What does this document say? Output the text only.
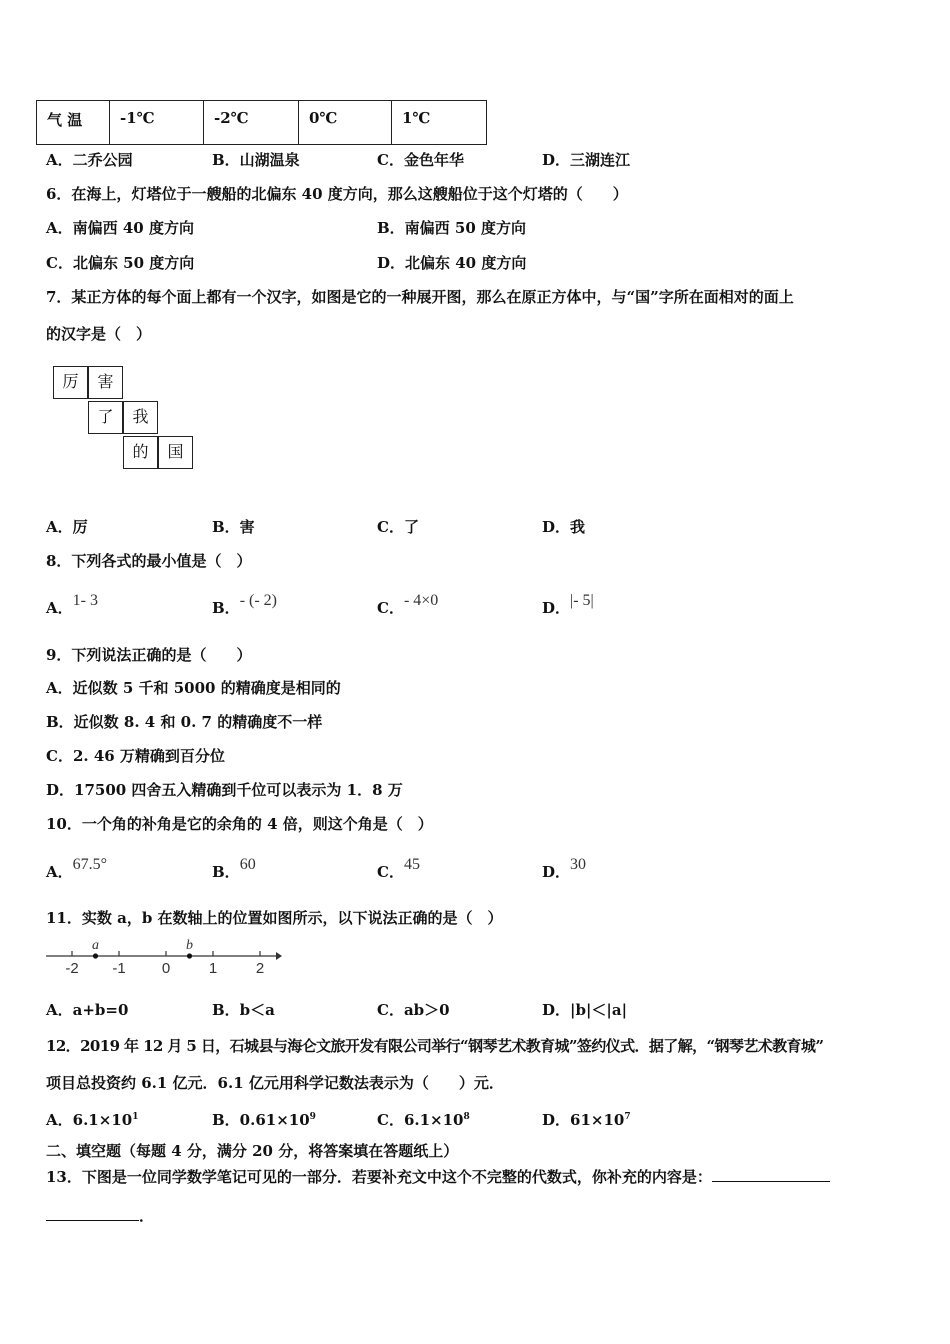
气 温	-1℃	-2℃	0℃	1℃
A．二乔公园	B．山湖温泉	C．金色年华	D．三湖连江
6．在海上，灯塔位于一艘船的北偏东 40 度方向，那么这艘船位于这个灯塔的（　　）
A．南偏西 40 度方向	B．南偏西 50 度方向
C．北偏东 50 度方向	D．北偏东 40 度方向
7．某正方体的每个面上都有一个汉字，如图是它的一种展开图，那么在原正方体中，与“国”字所在面相对的面上
的汉字是（　）
厉	害
了	我
的	国
A．厉	B．害	C．了	D．我
8．下列各式的最小值是（　）
A．1- 3	B．- (- 2)	C．- 4×0	D．|- 5|
9．下列说法正确的是（　　）
A．近似数 5 千和 5000 的精确度是相同的
B．近似数 8. 4 和 0. 7 的精确度不一样
C．2. 46 万精确到百分位
D．17500 四舍五入精确到千位可以表示为 1．8 万
10．一个角的补角是它的余角的 4 倍，则这个角是（　）
A．67.5°	B．60	C．45	D．30
11．实数 a，b 在数轴上的位置如图所示，以下说法正确的是（　）
-2 -1 0	1	2
a	b
A．a+b=0	B．b＜a	C．ab＞0	D．|b|＜|a|
12．2019 年 12 月 5 日，石城县与海仑文旅开发有限公司举行“钢琴艺术教育城”签约仪式．据了解，“钢琴艺术教育城”
项目总投资约 6.1 亿元．6.1 亿元用科学记数法表示为（　　）元．
A．$6.1\times 10^1$	B．$0.61\times 10^9$	C．$6.1\times 10^8$	D．$61\times 10^7$
二、填空题（每题 4 分，满分 20 分，将答案填在答题纸上）
13．下图是一位同学数学笔记可见的一部分．若要补充文中这个不完整的代数式，你补充的内容是：
．
